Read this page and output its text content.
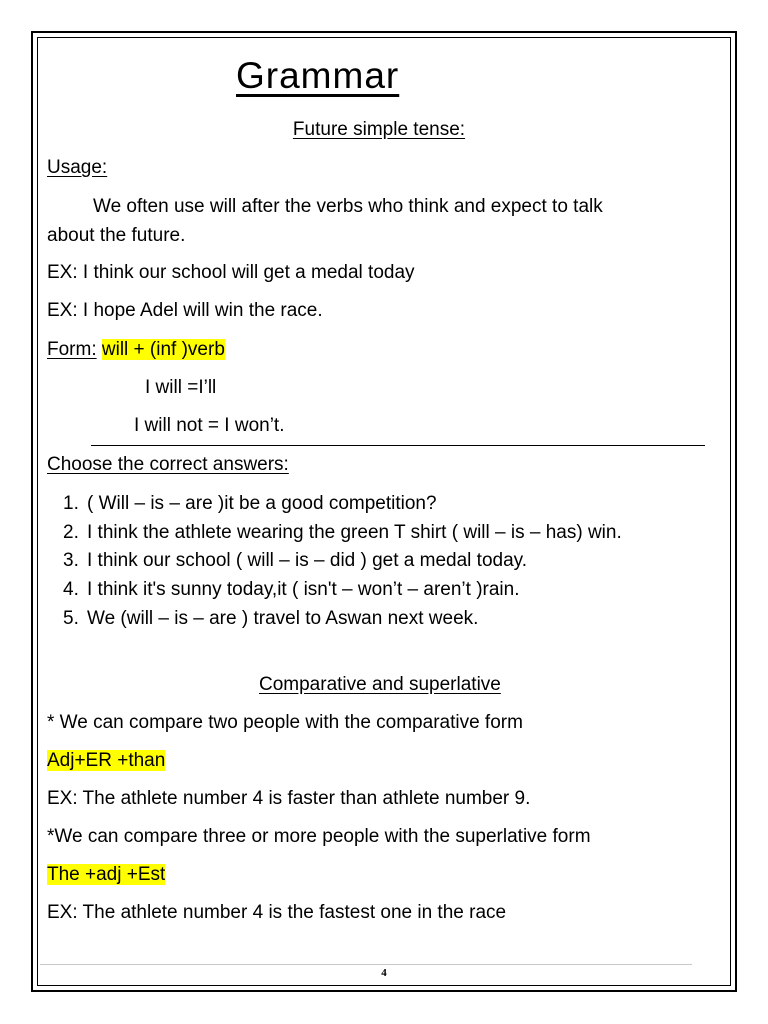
Grammar
Future simple tense:
Usage:
We often use will after the verbs who think and expect to talk
about the future.
EX: I think our school will get a medal today
EX: I hope Adel will win the race.
Form: will + (inf )verb
I will =I’ll
I will not = I won’t.
Choose the correct answers:
1. ( Will – is – are )it be a good competition?
2. I think the athlete wearing the green T shirt ( will – is – has) win.
3. I think our school ( will – is – did ) get a medal today.
4. I think it's sunny today,it ( isn't – won’t – aren’t )rain.
5. We (will – is – are ) travel to Aswan next week.
Comparative and superlative
* We can compare two people with the comparative form
Adj+ER +than
EX: The athlete number 4 is faster than athlete number 9.
*We can compare three or more people with the superlative form
The +adj +Est
EX: The athlete number 4 is the fastest one in the race
4
